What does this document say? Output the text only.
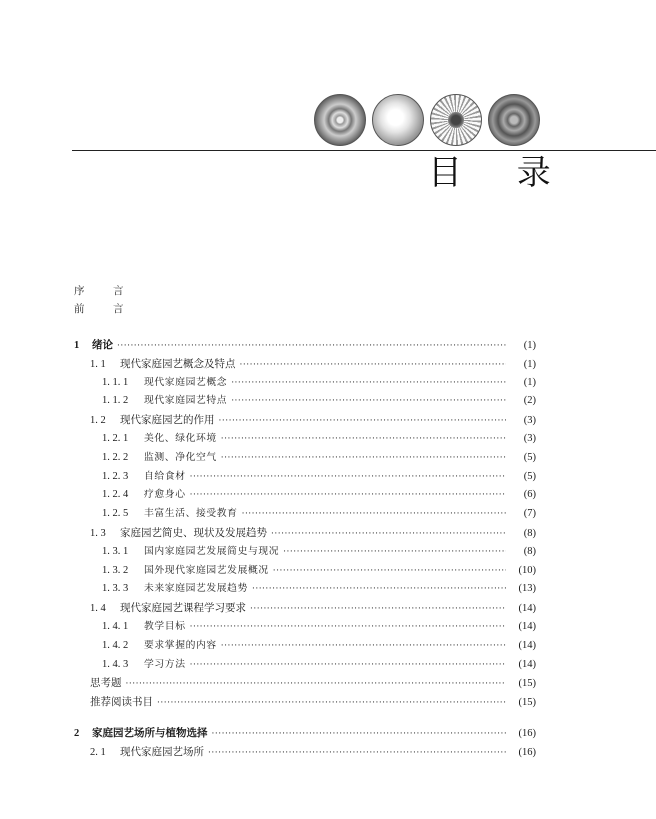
目 录
序　言
前　言
1	绪论 ·····	(1)
1. 1	现代家庭园艺概念及特点 ·····	(1)
1. 1. 1	现代家庭园艺概念 ·····	(1)
1. 1. 2	现代家庭园艺特点 ·····	(2)
1. 2	现代家庭园艺的作用 ·····	(3)
1. 2. 1	美化、绿化环境 ·····	(3)
1. 2. 2	监测、净化空气 ·····	(5)
1. 2. 3	自给食材 ·····	(5)
1. 2. 4	疗愈身心 ·····	(6)
1. 2. 5	丰富生活、接受教育 ·····	(7)
1. 3	家庭园艺简史、现状及发展趋势 ·····	(8)
1. 3. 1	国内家庭园艺发展简史与现况 ·····	(8)
1. 3. 2	国外现代家庭园艺发展概况 ·····	(10)
1. 3. 3	未来家庭园艺发展趋势 ·····	(13)
1. 4	现代家庭园艺课程学习要求 ·····	(14)
1. 4. 1	教学目标 ·····	(14)
1. 4. 2	要求掌握的内容 ·····	(14)
1. 4. 3	学习方法 ·····	(14)
思考题 ·····	(15)
推荐阅读书目 ·····	(15)
2	家庭园艺场所与植物选择 ·····	(16)
2. 1	现代家庭园艺场所 ·····	(16)
